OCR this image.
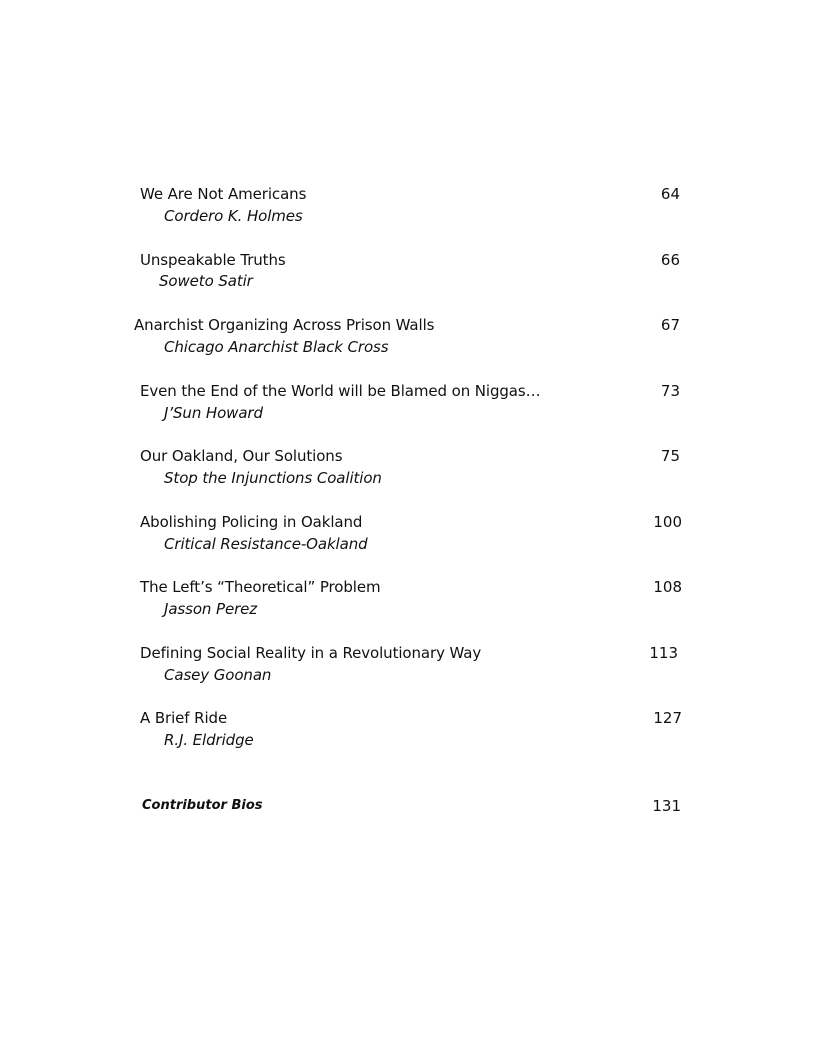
We Are Not Americans
Cordero K. Holmes
64
Unspeakable Truths
Soweto Satir
66
Anarchist Organizing Across Prison Walls
Chicago Anarchist Black Cross
67
Even the End of the World will be Blamed on Niggas…
J’Sun Howard
73
Our Oakland, Our Solutions
Stop the Injunctions Coalition
75
Abolishing Policing in Oakland
Critical Resistance-Oakland
100
The Left’s “Theoretical” Problem
Jasson Perez
108
Defining Social Reality in a Revolutionary Way
Casey Goonan
113
A Brief Ride
R.J. Eldridge
127
Contributor Bios	131
